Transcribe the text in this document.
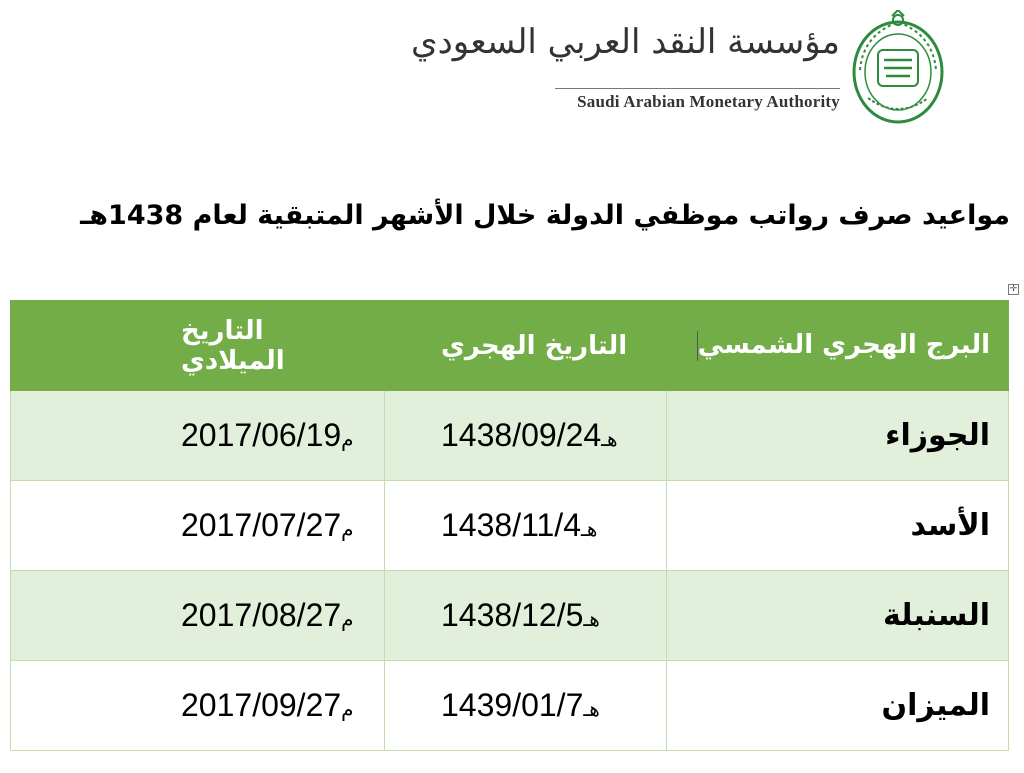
مؤسسة النقد العربي السعودي
Saudi Arabian Monetary Authority
مواعيد صرف رواتب موظفي الدولة خلال الأشهر المتبقية لعام 1438هـ
✛
البرج الهجري الشمسي	التاريخ الهجري	التاريخ الميلادي
الجوزاء	1438/09/24هـ	2017/06/19م
الأسد	1438/11/4هـ	2017/07/27م
السنبلة	1438/12/5هـ	2017/08/27م
الميزان	1439/01/7هـ	2017/09/27م
